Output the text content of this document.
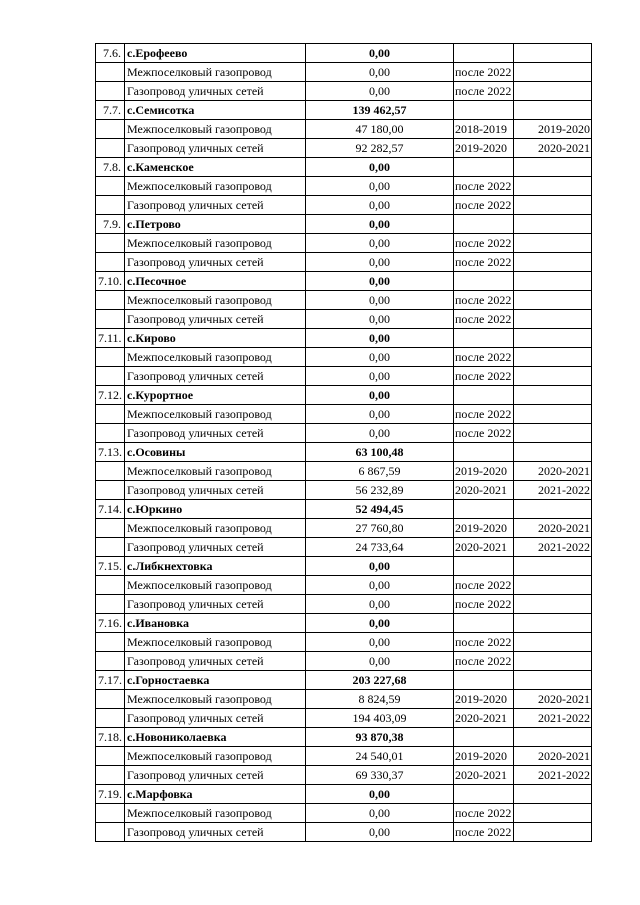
7.6.	с.Ерофеево	0,00		
	Межпоселковый газопровод	0,00	после 2022	
	Газопровод уличных сетей	0,00	после 2022	
7.7.	с.Семисотка	139 462,57		
	Межпоселковый газопровод	47 180,00	2018-2019	2019-2020
	Газопровод уличных сетей	92 282,57	2019-2020	2020-2021
7.8.	с.Каменское	0,00		
	Межпоселковый газопровод	0,00	после 2022	
	Газопровод уличных сетей	0,00	после 2022	
7.9.	с.Петрово	0,00		
	Межпоселковый газопровод	0,00	после 2022	
	Газопровод уличных сетей	0,00	после 2022	
7.10.	с.Песочное	0,00		
	Межпоселковый газопровод	0,00	после 2022	
	Газопровод уличных сетей	0,00	после 2022	
7.11.	с.Кирово	0,00		
	Межпоселковый газопровод	0,00	после 2022	
	Газопровод уличных сетей	0,00	после 2022	
7.12.	с.Курортное	0,00		
	Межпоселковый газопровод	0,00	после 2022	
	Газопровод уличных сетей	0,00	после 2022	
7.13.	с.Осовины	63 100,48		
	Межпоселковый газопровод	6 867,59	2019-2020	2020-2021
	Газопровод уличных сетей	56 232,89	2020-2021	2021-2022
7.14.	с.Юркино	52 494,45		
	Межпоселковый газопровод	27 760,80	2019-2020	2020-2021
	Газопровод уличных сетей	24 733,64	2020-2021	2021-2022
7.15.	с.Либкнехтовка	0,00		
	Межпоселковый газопровод	0,00	после 2022	
	Газопровод уличных сетей	0,00	после 2022	
7.16.	с.Ивановка	0,00		
	Межпоселковый газопровод	0,00	после 2022	
	Газопровод уличных сетей	0,00	после 2022	
7.17.	с.Горностаевка	203 227,68		
	Межпоселковый газопровод	8 824,59	2019-2020	2020-2021
	Газопровод уличных сетей	194 403,09	2020-2021	2021-2022
7.18.	с.Новониколаевка	93 870,38		
	Межпоселковый газопровод	24 540,01	2019-2020	2020-2021
	Газопровод уличных сетей	69 330,37	2020-2021	2021-2022
7.19.	с.Марфовка	0,00		
	Межпоселковый газопровод	0,00	после 2022	
	Газопровод уличных сетей	0,00	после 2022	
